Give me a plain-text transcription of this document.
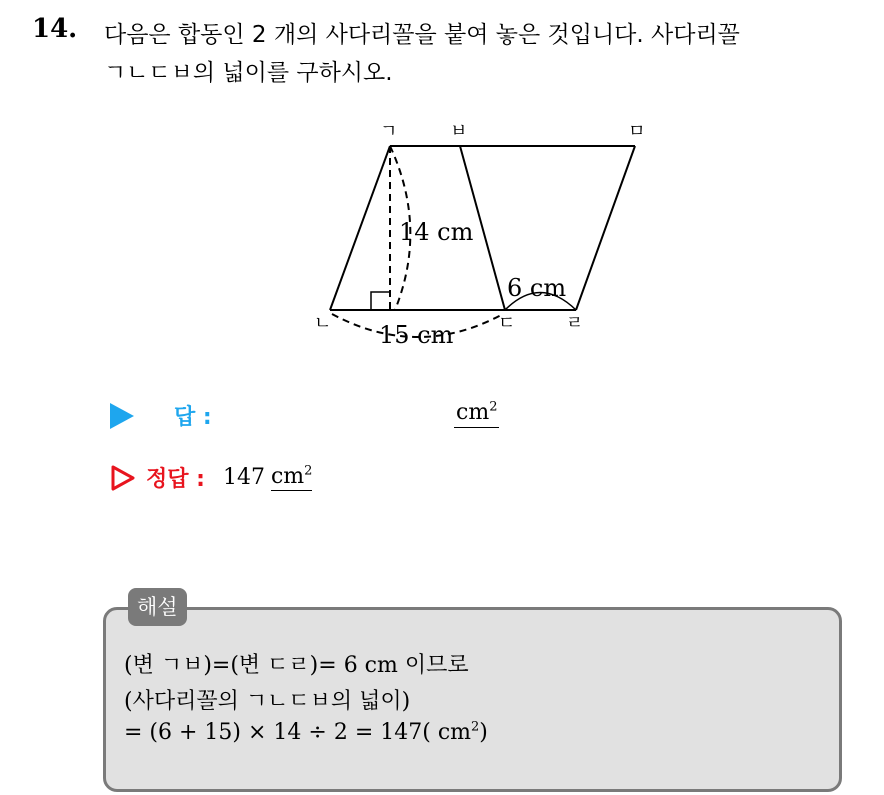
14. 다음은 합동인 2 개의 사다리꼴을 붙여 놓은 것입니다. 사다리꼴
ㄱㄴㄷㅂ의 넓이를 구하시오.
ㄱ	ㅂ	ㅁ
ㄴ	ㄷ	ㄹ
14 cm
6 cm
15 cm
답 :	$cm^2$
정답 : 147 $cm^2$
해설
(변 ㄱㅂ)=(변 ㄷㄹ)= 6 cm 이므로
(사다리꼴의 ㄱㄴㄷㅂ의 넓이)
= (6 + 15) × 14 ÷ 2 = 147( $cm^2$)
